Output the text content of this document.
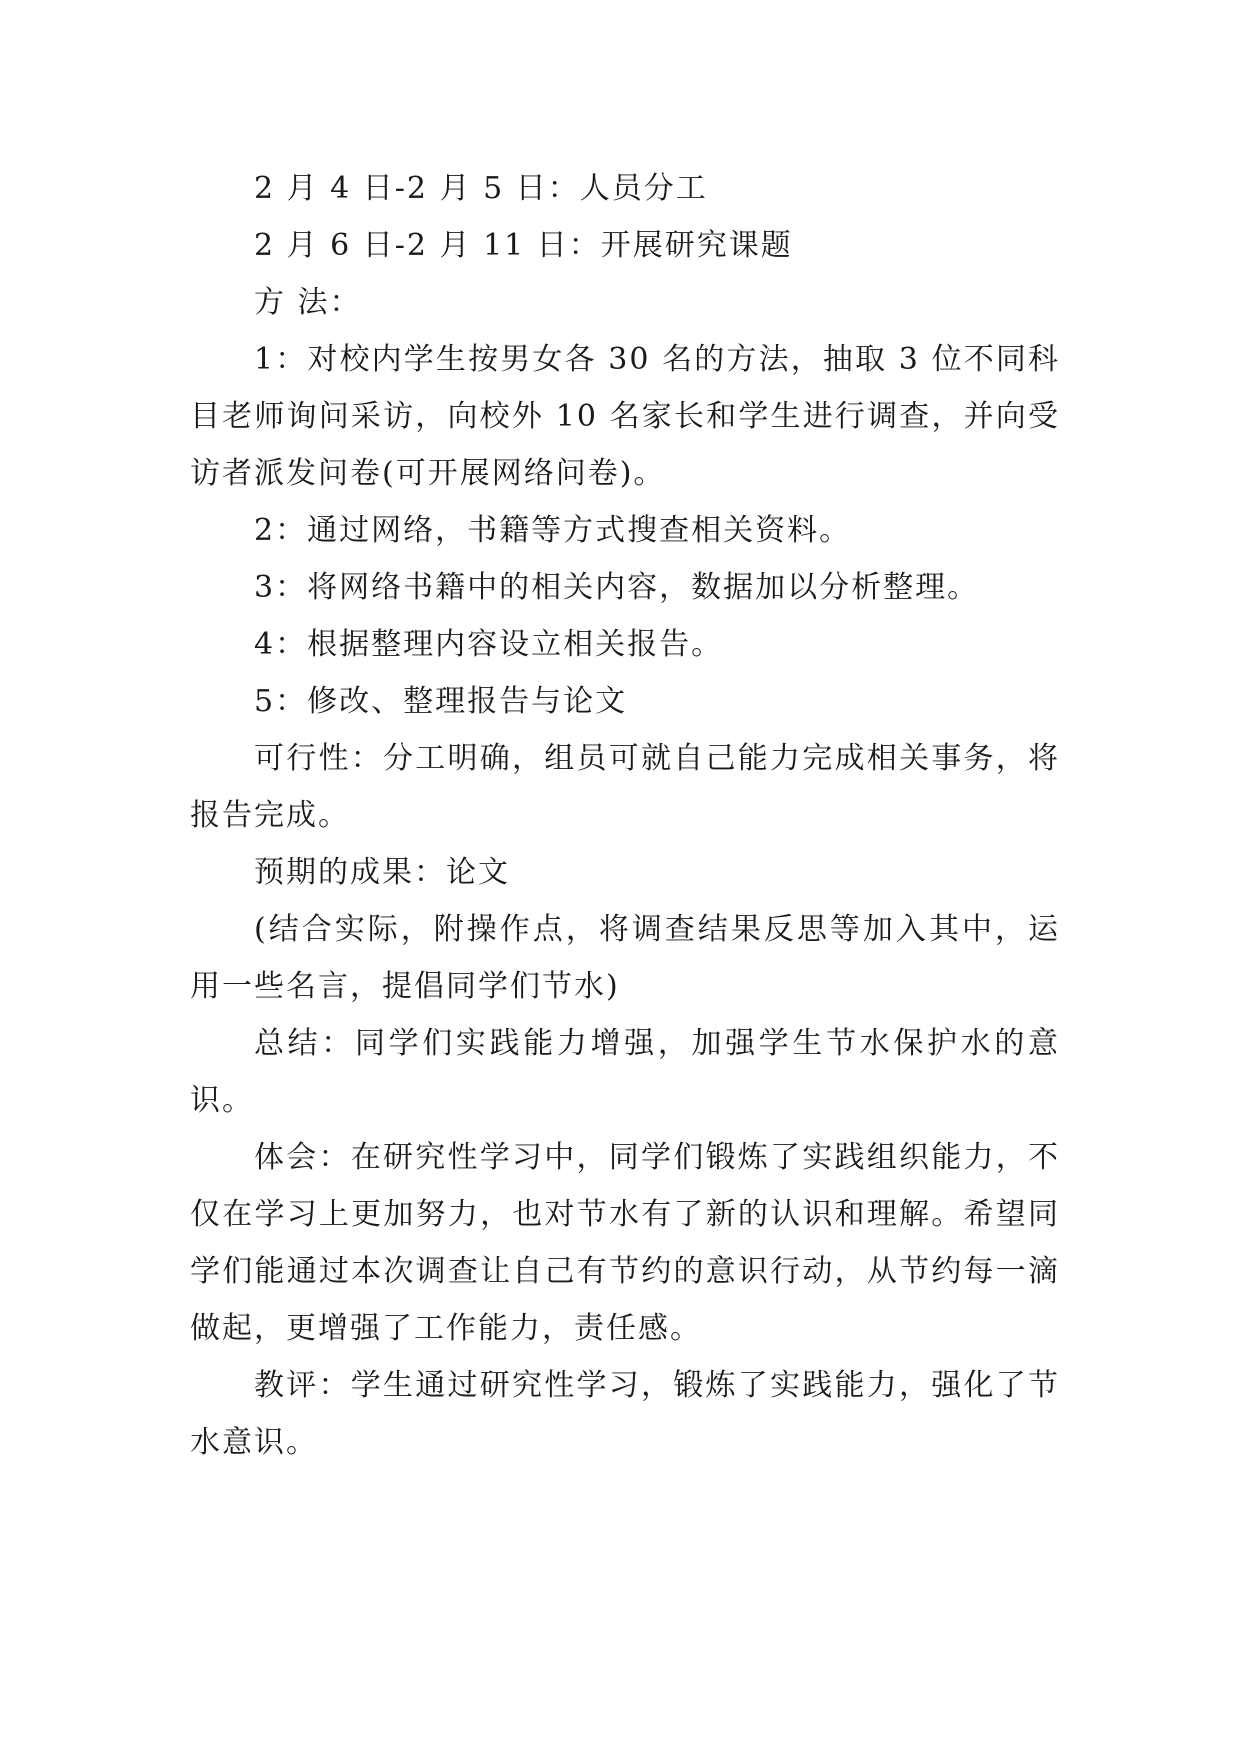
2 月 4 日-2 月 5 日：人员分工

2 月 6 日-2 月 11 日：开展研究课题

方 法：

1：对校内学生按男女各 30 名的方法，抽取 3 位不同科目老师询问采访，向校外 10 名家长和学生进行调查，并向受访者派发问卷(可开展网络问卷)。

2：通过网络，书籍等方式搜查相关资料。

3：将网络书籍中的相关内容，数据加以分析整理。

4：根据整理内容设立相关报告。

5：修改、整理报告与论文

可行性：分工明确，组员可就自己能力完成相关事务，将报告完成。

预期的成果：论文

(结合实际，附操作点，将调查结果反思等加入其中，运用一些名言，提倡同学们节水)

总结：同学们实践能力增强，加强学生节水保护水的意识。

体会：在研究性学习中，同学们锻炼了实践组织能力，不仅在学习上更加努力，也对节水有了新的认识和理解。希望同学们能通过本次调查让自己有节约的意识行动，从节约每一滴做起，更增强了工作能力，责任感。

教评：学生通过研究性学习，锻炼了实践能力，强化了节水意识。
